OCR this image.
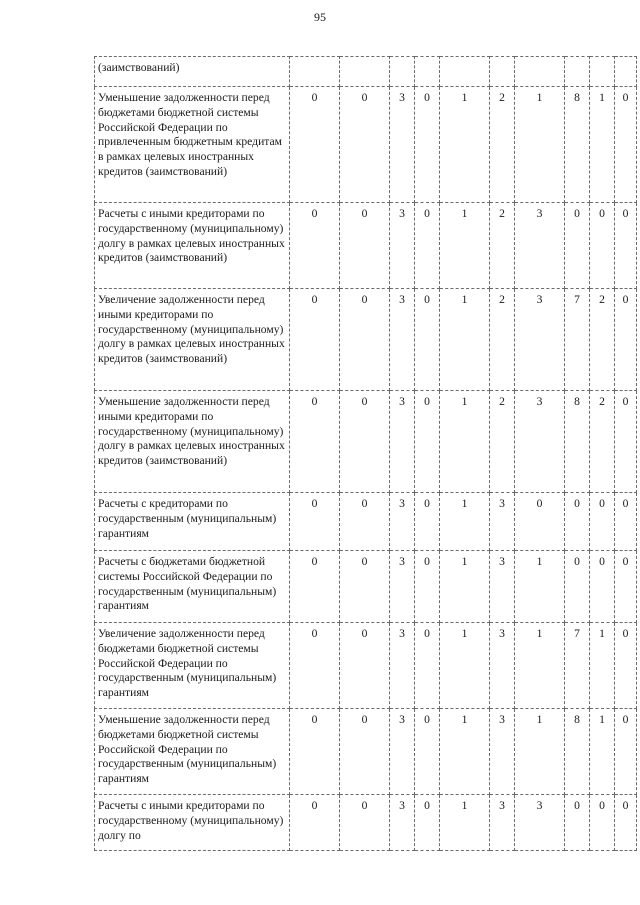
95
(заимствований)										
Уменьшение задолженности перед бюджетами бюджетной системы Российской Федерации по привлеченным бюджетным кредитам в рамках целевых иностранных кредитов (заимствований)	0	0	3	0	1	2	1	8	1	0
Расчеты с иными кредиторами по государственному (муниципальному) долгу в рамках целевых иностранных кредитов (заимствований)	0	0	3	0	1	2	3	0	0	0
Увеличение задолженности перед иными кредиторами по государственному (муниципальному) долгу в рамках целевых иностранных кредитов (заимствований)	0	0	3	0	1	2	3	7	2	0
Уменьшение задолженности перед иными кредиторами по государственному (муниципальному) долгу в рамках целевых иностранных кредитов (заимствований)	0	0	3	0	1	2	3	8	2	0
Расчеты с кредиторами по государственным (муниципальным) гарантиям	0	0	3	0	1	3	0	0	0	0
Расчеты с бюджетами бюджетной системы Российской Федерации по государственным (муниципальным) гарантиям	0	0	3	0	1	3	1	0	0	0
Увеличение задолженности перед бюджетами бюджетной системы Российской Федерации по государственным (муниципальным) гарантиям	0	0	3	0	1	3	1	7	1	0
Уменьшение задолженности перед бюджетами бюджетной системы Российской Федерации по государственным (муниципальным) гарантиям	0	0	3	0	1	3	1	8	1	0
Расчеты с иными кредиторами по государственному (муниципальному) долгу по	0	0	3	0	1	3	3	0	0	0
